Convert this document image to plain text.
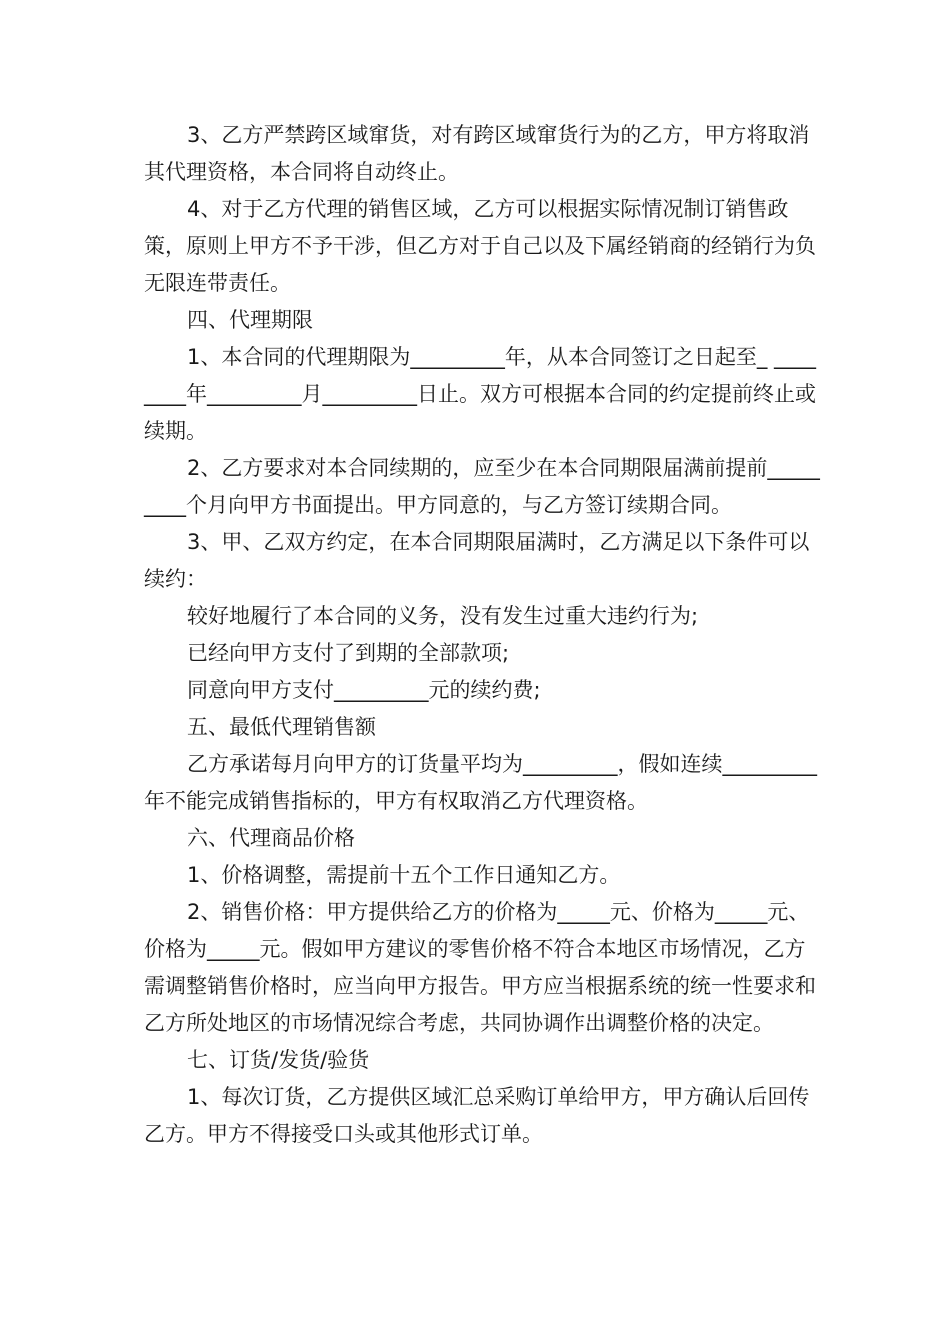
3、乙方严禁跨区域窜货，对有跨区域窜货行为的乙方，甲方将取消其代理资格，本合同将自动终止。

4、对于乙方代理的销售区域，乙方可以根据实际情况制订销售政策，原则上甲方不予干涉，但乙方对于自己以及下属经销商的经销行为负无限连带责任。

四、代理期限

1、本合同的代理期限为_________年，从本合同签订之日起至_ ________年_________月_________日止。双方可根据本合同的约定提前终止或续期。

2、乙方要求对本合同续期的，应至少在本合同期限届满前提前_________个月向甲方书面提出。甲方同意的，与乙方签订续期合同。

3、甲、乙双方约定，在本合同期限届满时，乙方满足以下条件可以续约：

较好地履行了本合同的义务，没有发生过重大违约行为;

已经向甲方支付了到期的全部款项;

同意向甲方支付_________元的续约费;

五、最低代理销售额

乙方承诺每月向甲方的订货量平均为_________，假如连续_________年不能完成销售指标的，甲方有权取消乙方代理资格。

六、代理商品价格

1、价格调整，需提前十五个工作日通知乙方。

2、销售价格：甲方提供给乙方的价格为_____元、价格为_____元、价格为_____元。假如甲方建议的零售价格不符合本地区市场情况，乙方需调整销售价格时，应当向甲方报告。甲方应当根据系统的统一性要求和乙方所处地区的市场情况综合考虑，共同协调作出调整价格的决定。

七、订货/发货/验货

1、每次订货，乙方提供区域汇总采购订单给甲方，甲方确认后回传乙方。甲方不得接受口头或其他形式订单。
